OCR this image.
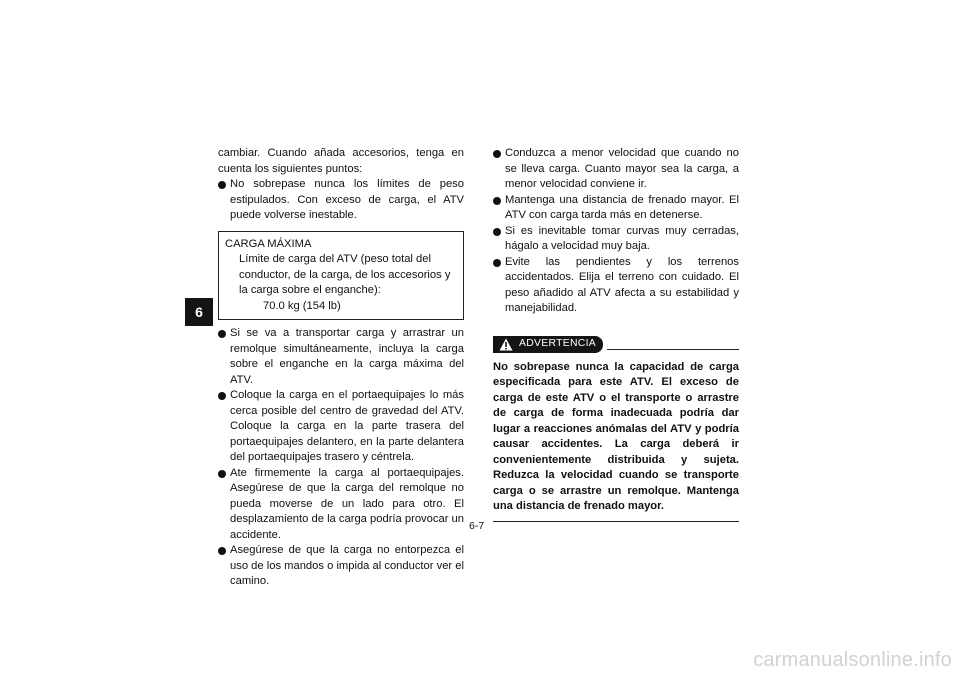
6

cambiar. Cuando añada accesorios, tenga en cuenta los siguientes puntos:

No sobrepase nunca los límites de peso estipulados. Con exceso de carga, el ATV puede volverse inestable.
CARGA MÁXIMA
Límite de carga del ATV (peso total del conductor, de la carga, de los accesorios y la carga sobre el enganche):
70.0 kg (154 lb)
Si se va a transportar carga y arrastrar un remolque simultáneamente, incluya la carga sobre el enganche en la carga máxima del ATV.
Coloque la carga en el portaequipajes lo más cerca posible del centro de gravedad del ATV. Coloque la carga en la parte trasera del portaequipajes delantero, en la parte delantera del portaequipajes trasero y céntrela.
Ate firmemente la carga al portaequipajes. Asegúrese de que la carga del remolque no pueda moverse de un lado para otro. El desplazamiento de la carga podría provocar un accidente.
Asegúrese de que la carga no entorpezca el uso de los mandos o impida al conductor ver el camino.
Conduzca a menor velocidad que cuando no se lleva carga. Cuanto mayor sea la carga, a menor velocidad conviene ir.
Mantenga una distancia de frenado mayor. El ATV con carga tarda más en detenerse.
Si es inevitable tomar curvas muy cerradas, hágalo a velocidad muy baja.
Evite las pendientes y los terrenos accidentados. Elija el terreno con cuidado. El peso añadido al ATV afecta a su estabilidad y manejabilidad.
ADVERTENCIA

No sobrepase nunca la capacidad de carga especificada para este ATV. El exceso de carga de este ATV o el transporte o arrastre de carga de forma inadecuada podría dar lugar a reacciones anómalas del ATV y podría causar accidentes. La carga deberá ir convenientemente distribuida y sujeta. Reduzca la velocidad cuando se transporte carga o se arrastre un remolque. Mantenga una distancia de frenado mayor.

6-7
carmanualsonline.info
